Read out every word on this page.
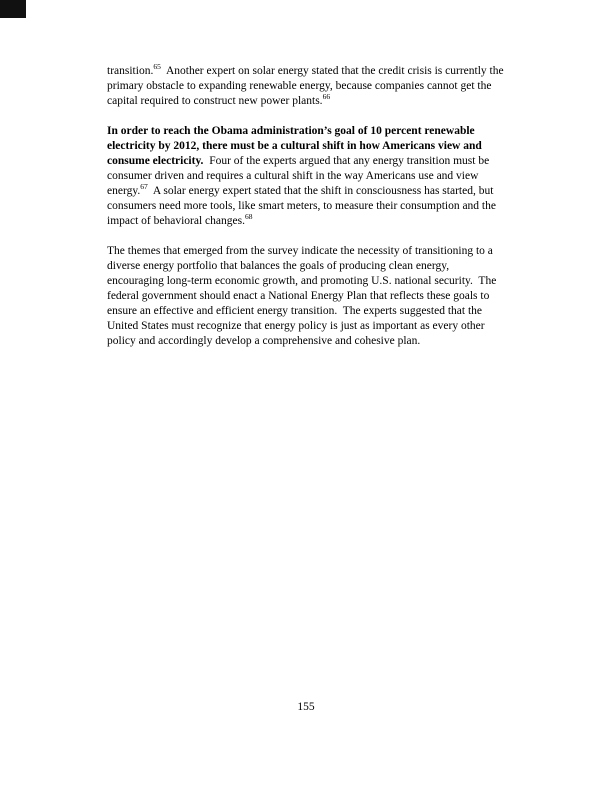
transition.$^{65}$  Another expert on solar energy stated that the credit crisis is currently the primary obstacle to expanding renewable energy, because companies cannot get the capital required to construct new power plants.$^{66}$

In order to reach the Obama administration’s goal of 10 percent renewable electricity by 2012, there must be a cultural shift in how Americans view and consume electricity.  Four of the experts argued that any energy transition must be consumer driven and requires a cultural shift in the way Americans use and view energy.$^{67}$  A solar energy expert stated that the shift in consciousness has started, but consumers need more tools, like smart meters, to measure their consumption and the impact of behavioral changes.$^{68}$

The themes that emerged from the survey indicate the necessity of transitioning to a diverse energy portfolio that balances the goals of producing clean energy, encouraging long-term economic growth, and promoting U.S. national security.  The federal government should enact a National Energy Plan that reflects these goals to ensure an effective and efficient energy transition.  The experts suggested that the United States must recognize that energy policy is just as important as every other policy and accordingly develop a comprehensive and cohesive plan.

155
